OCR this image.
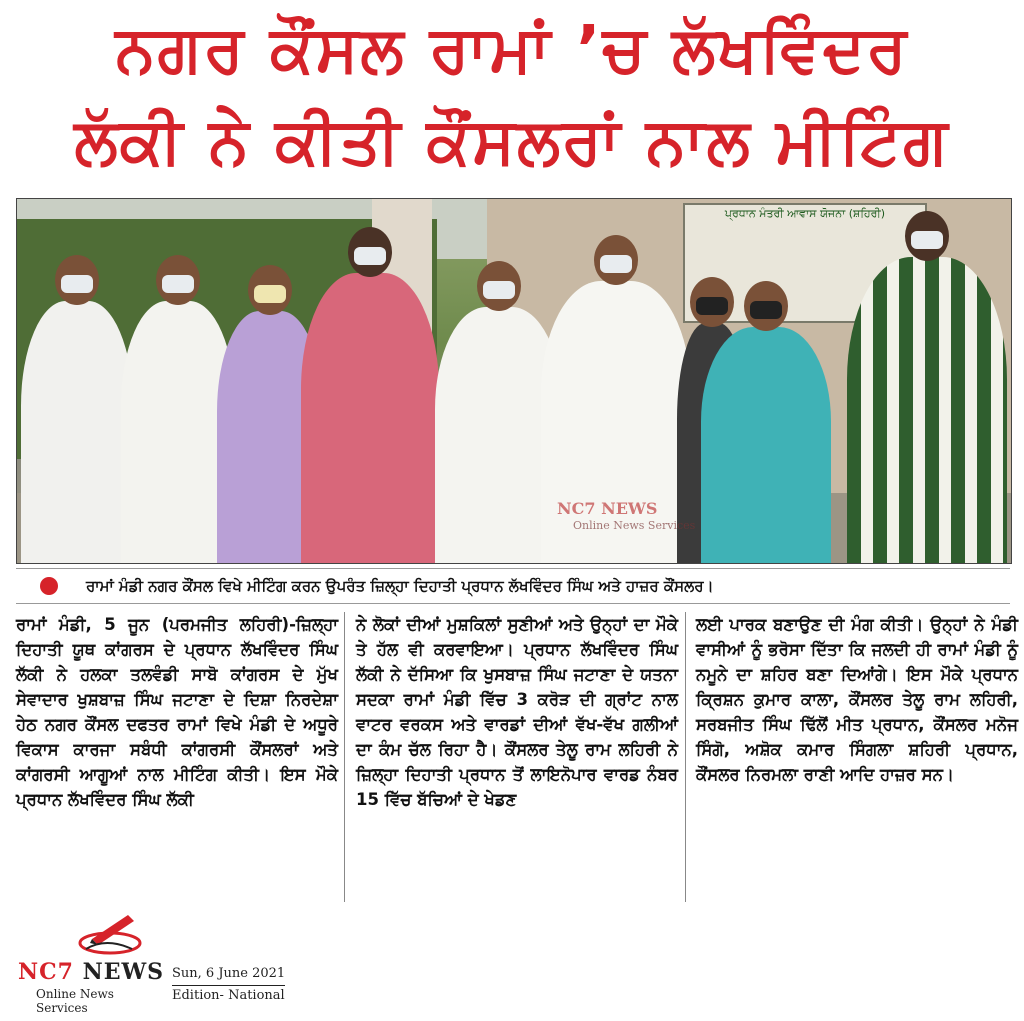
ਨਗਰ ਕੌਂਸਲ ਰਾਮਾਂ ’ਚ ਲੱਖਵਿੰਦਰ
ਲੱਕੀ ਨੇ ਕੀਤੀ ਕੌਂਸਲਰਾਂ ਨਾਲ ਮੀਟਿੰਗ
ਪ੍ਰਧਾਨ ਮੰਤਰੀ ਆਵਾਸ ਯੋਜਨਾ (ਸ਼ਹਿਰੀ)
NC7 NEWS
Online News Services
ਰਾਮਾਂ ਮੰਡੀ ਨਗਰ ਕੌਂਸਲ ਵਿਖੇ ਮੀਟਿੰਗ ਕਰਨ ਉਪਰੰਤ ਜ਼ਿਲ੍ਹਾ ਦਿਹਾਤੀ ਪ੍ਰਧਾਨ ਲੱਖਵਿੰਦਰ ਸਿੰਘ ਅਤੇ ਹਾਜ਼ਰ ਕੌਂਸਲਰ।
ਰਾਮਾਂ ਮੰਡੀ, 5 ਜੂਨ (ਪਰਮਜੀਤ ਲਹਿਰੀ)-ਜ਼ਿਲ੍ਹਾ ਦਿਹਾਤੀ ਯੂਥ ਕਾਂਗਰਸ ਦੇ ਪ੍ਰਧਾਨ ਲੱਖਵਿੰਦਰ ਸਿੰਘ ਲੱਕੀ ਨੇ ਹਲਕਾ ਤਲਵੰਡੀ ਸਾਬੋ ਕਾਂਗਰਸ ਦੇ ਮੁੱਖ ਸੇਵਾਦਾਰ ਖੁਸ਼ਬਾਜ਼ ਸਿੰਘ ਜਟਾਣਾ ਦੇ ਦਿਸ਼ਾ ਨਿਰਦੇਸ਼ਾ ਹੇਠ ਨਗਰ ਕੌਂਸਲ ਦਫਤਰ ਰਾਮਾਂ ਵਿਖੇ ਮੰਡੀ ਦੇ ਅਧੂਰੇ ਵਿਕਾਸ ਕਾਰਜਾ ਸਬੰਧੀ ਕਾਂਗਰਸੀ ਕੌਂਸਲਰਾਂ ਅਤੇ ਕਾਂਗਰਸੀ ਆਗੂਆਂ ਨਾਲ ਮੀਟਿੰਗ ਕੀਤੀ। ਇਸ ਮੌਕੇ ਪ੍ਰਧਾਨ ਲੱਖਵਿੰਦਰ ਸਿੰਘ ਲੱਕੀ
ਨੇ ਲੋਕਾਂ ਦੀਆਂ ਮੁਸ਼ਕਿਲਾਂ ਸੁਣੀਆਂ ਅਤੇ ਉਨ੍ਹਾਂ ਦਾ ਮੌਕੇ ਤੇ ਹੱਲ ਵੀ ਕਰਵਾਇਆ। ਪ੍ਰਧਾਨ ਲੱਖਵਿੰਦਰ ਸਿੰਘ ਲੱਕੀ ਨੇ ਦੱਸਿਆ ਕਿ ਖੁਸਬਾਜ਼ ਸਿੰਘ ਜਟਾਣਾ ਦੇ ਯਤਨਾ ਸਦਕਾ ਰਾਮਾਂ ਮੰਡੀ ਵਿੱਚ 3 ਕਰੋੜ ਦੀ ਗ੍ਰਾਂਟ ਨਾਲ ਵਾਟਰ ਵਰਕਸ ਅਤੇ ਵਾਰਡਾਂ ਦੀਆਂ ਵੱਖ-ਵੱਖ ਗਲੀਆਂ ਦਾ ਕੰਮ ਚੱਲ ਰਿਹਾ ਹੈ। ਕੌਂਸਲਰ ਤੇਲੂ ਰਾਮ ਲਹਿਰੀ ਨੇ ਜ਼ਿਲ੍ਹਾ ਦਿਹਾਤੀ ਪ੍ਰਧਾਨ ਤੋਂ ਲਾਇਨੋਪਾਰ ਵਾਰਡ ਨੰਬਰ 15 ਵਿੱਚ ਬੱਚਿਆਂ ਦੇ ਖੇਡਣ
ਲਈ ਪਾਰਕ ਬਣਾਉਣ ਦੀ ਮੰਗ ਕੀਤੀ। ਉਨ੍ਹਾਂ ਨੇ ਮੰਡੀ ਵਾਸੀਆਂ ਨੂੰ ਭਰੋਸਾ ਦਿੱਤਾ ਕਿ ਜਲਦੀ ਹੀ ਰਾਮਾਂ ਮੰਡੀ ਨੂੰ ਨਮੂਨੇ ਦਾ ਸ਼ਹਿਰ ਬਣਾ ਦਿਆਂਗੇ। ਇਸ ਮੌਕੇ ਪ੍ਰਧਾਨ ਕ੍ਰਿਸ਼ਨ ਕੁਮਾਰ ਕਾਲਾ, ਕੌਂਸਲਰ ਤੇਲੂ ਰਾਮ ਲਹਿਰੀ, ਸਰਬਜੀਤ ਸਿੰਘ ਢਿੱਲੋਂ ਮੀਤ ਪ੍ਰਧਾਨ, ਕੌਂਸਲਰ ਮਨੋਜ ਸਿੰਗੋ, ਅਸ਼ੋਕ ਕਮਾਰ ਸਿੰਗਲਾ ਸ਼ਹਿਰੀ ਪ੍ਰਧਾਨ, ਕੌਂਸਲਰ ਨਿਰਮਲਾ ਰਾਣੀ ਆਦਿ ਹਾਜ਼ਰ ਸਨ।
NC7 NEWS
Online News Services
Sun, 6 June 2021
Edition- National
